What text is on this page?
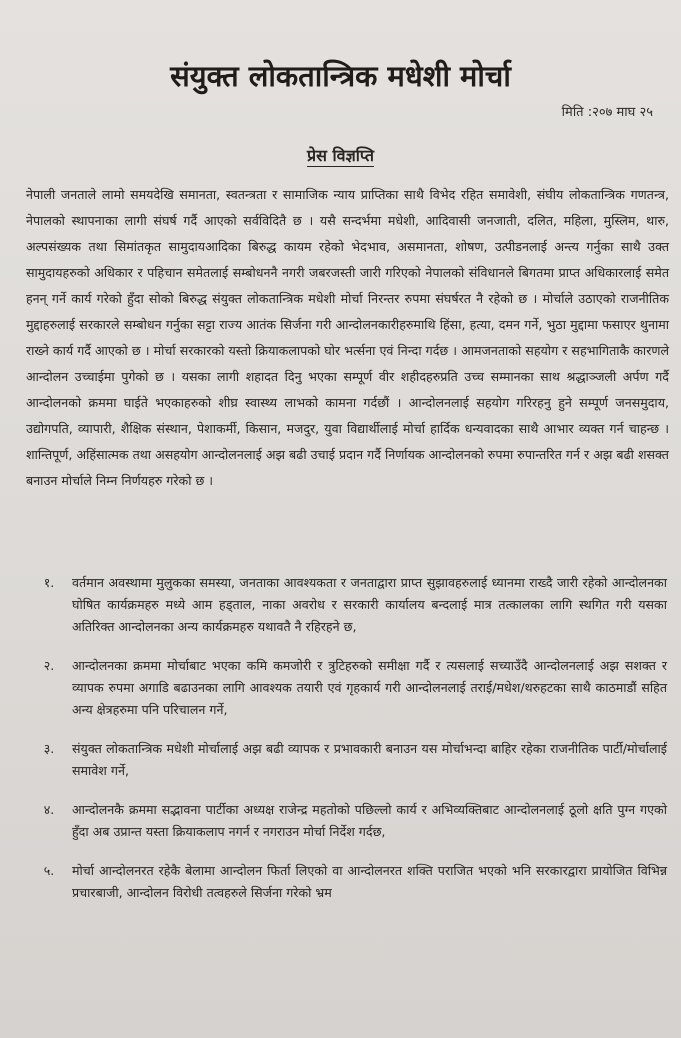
संयुक्त लोकतान्त्रिक मधेशी मोर्चा
मिति :२०७ माघ २५
प्रेस विज्ञप्ति

नेपाली जनताले लामो समयदेखि समानता, स्वतन्त्रता र सामाजिक न्याय प्राप्तिका साथै विभेद रहित समावेशी, संघीय लोकतान्त्रिक गणतन्त्र, नेपालको स्थापनाका लागी संघर्ष गर्दै आएको सर्वविदितै छ । यसै सन्दर्भमा मधेशी, आदिवासी जनजाती, दलित, महिला, मुस्लिम, थारु, अल्पसंख्यक तथा सिमांतकृत सामुदायआदिका बिरुद्ध कायम रहेको भेदभाव, असमानता, शोषण, उत्पीडनलाई अन्त्य गर्नुका साथै उक्त सामुदायहरुको अधिकार र पहिचान समेतलाई सम्बोधननै नगरी जबरजस्ती जारी गरिएको नेपालको संविधानले बिगतमा प्राप्त अधिकारलाई समेत हनन् गर्ने कार्य गरेको हुँदा सोको बिरुद्ध संयुक्त लोकतान्त्रिक मधेशी मोर्चा निरन्तर रुपमा संघर्षरत नै रहेको छ । मोर्चाले उठाएको राजनीतिक मुद्दाहरुलाई सरकारले सम्बोधन गर्नुका सट्टा राज्य आतंक सिर्जना गरी आन्दोलनकारीहरुमाथि हिंसा, हत्या, दमन गर्ने, भुठा मुद्दामा फसाएर थुनामा राख्ने कार्य गर्दै आएको छ । मोर्चा सरकारको यस्तो क्रियाकलापको घोर भर्त्सना एवं निन्दा गर्दछ । आमजनताको सहयोग र सहभागिताकै कारणले आन्दोलन उच्चाईमा पुगेको छ । यसका लागी शहादत दिनु भएका सम्पूर्ण वीर शहीदहरुप्रति उच्च सम्मानका साथ श्रद्धाञ्जली अर्पण गर्दै आन्दोलनको क्रममा घाईते भएकाहरुको शीघ्र स्वास्थ्य लाभको कामना गर्दछौं । आन्दोलनलाई सहयोग गरिरहनु हुने सम्पूर्ण जनसमुदाय, उद्योगपति, व्यापारी, शैक्षिक संस्थान, पेशाकर्मी, किसान, मजदुर, युवा विद्यार्थीलाई मोर्चा हार्दिक धन्यवादका साथै आभार व्यक्त गर्न चाहन्छ । शान्तिपूर्ण, अहिंसात्मक तथा असहयोग आन्दोलनलाई अझ बढी उचाई प्रदान गर्दै निर्णायक आन्दोलनको रुपमा रुपान्तरित गर्न र अझ बढी शसक्त बनाउन मोर्चाले निम्न निर्णयहरु गरेको छ ।

१.	वर्तमान अवस्थामा मुलुकका समस्या, जनताका आवश्यकता र जनताद्वारा प्राप्त सुझावहरुलाई ध्यानमा राख्दै जारी रहेको आन्दोलनका घोषित कार्यक्रमहरु मध्ये आम हड्ताल, नाका अवरोध र सरकारी कार्यालय बन्दलाई मात्र तत्कालका लागि स्थगित गरी यसका अतिरिक्त आन्दोलनका अन्य कार्यक्रमहरु यथावतै नै रहिरहने छ,
२.	आन्दोलनका क्रममा मोर्चाबाट भएका कमि कमजोरी र त्रुटिहरुको समीक्षा गर्दै र त्यसलाई सच्याउँदै आन्दोलनलाई अझ सशक्त र व्यापक रुपमा अगाडि बढाउनका लागि आवश्यक तयारी एवं गृहकार्य गरी आन्दोलनलाई तराई/मधेश/थरुहटका साथै काठमाडौं सहित अन्य क्षेत्रहरुमा पनि परिचालन गर्ने,
३.	संयुक्त लोकतान्त्रिक मधेशी मोर्चालाई अझ बढी व्यापक र प्रभावकारी बनाउन यस मोर्चाभन्दा बाहिर रहेका राजनीतिक पार्टी/मोर्चालाई समावेश गर्ने,
४.	आन्दोलनकै क्रममा सद्भावना पार्टीका अध्यक्ष राजेन्द्र महतोको पछिल्लो कार्य र अभिव्यक्तिबाट आन्दोलनलाई ठूलो क्षति पुग्न गएको हुँदा अब उप्रान्त यस्ता क्रियाकलाप नगर्न र नगराउन मोर्चा निर्देश गर्दछ,
५.	मोर्चा आन्दोलनरत रहेकै बेलामा आन्दोलन फिर्ता लिएको वा आन्दोलनरत शक्ति पराजित भएको भनि सरकारद्वारा प्रायोजित विभिन्न प्रचारबाजी, आन्दोलन विरोधी तत्वहरुले सिर्जना गरेको भ्रम
